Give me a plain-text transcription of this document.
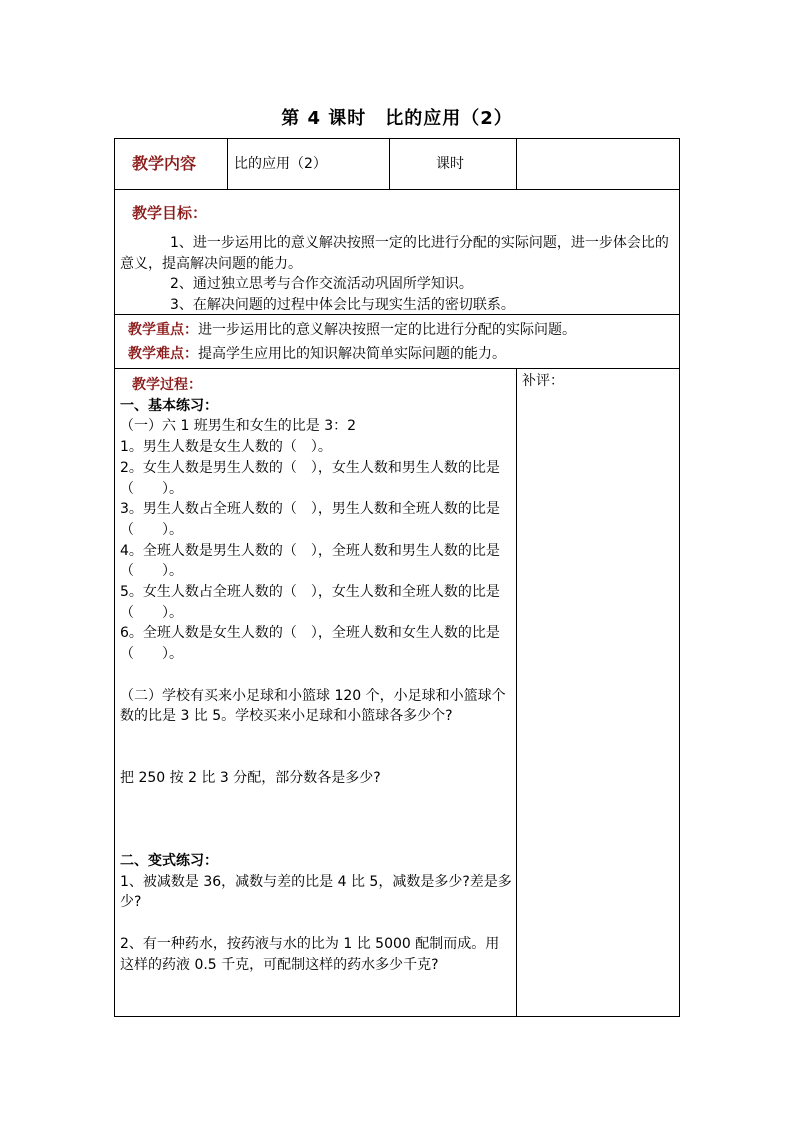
第 4 课时　比的应用（2）
教学内容	比的应用（2）	课时
教学目标：
1、进一步运用比的意义解决按照一定的比进行分配的实际问题，进一步体会比的意义，提高解决问题的能力。
2、通过独立思考与合作交流活动巩固所学知识。
3、在解决问题的过程中体会比与现实生活的密切联系。
教学重点：进一步运用比的意义解决按照一定的比进行分配的实际问题。
教学难点：提高学生应用比的知识解决简单实际问题的能力。
补评：
教学过程：
一、基本练习：
（一）六 1 班男生和女生的比是 3：2
1。男生人数是女生人数的（　）。
2。女生人数是男生人数的（　），女生人数和男生人数的比是（　　）。
3。男生人数占全班人数的（　），男生人数和全班人数的比是（　　）。
4。全班人数是男生人数的（　），全班人数和男生人数的比是（　　）。
5。女生人数占全班人数的（　），女生人数和全班人数的比是（　　）。
6。全班人数是女生人数的（　），全班人数和女生人数的比是（　　）。
（二）学校有买来小足球和小篮球 120 个，小足球和小篮球个数的比是 3 比 5。学校买来小足球和小篮球各多少个?
把 250 按 2 比 3 分配，部分数各是多少?
二、变式练习：
1、被减数是 36，减数与差的比是 4 比 5，减数是多少?差是多少?
2、有一种药水，按药液与水的比为 1 比 5000 配制而成。用这样的药液 0.5 千克，可配制这样的药水多少千克?
